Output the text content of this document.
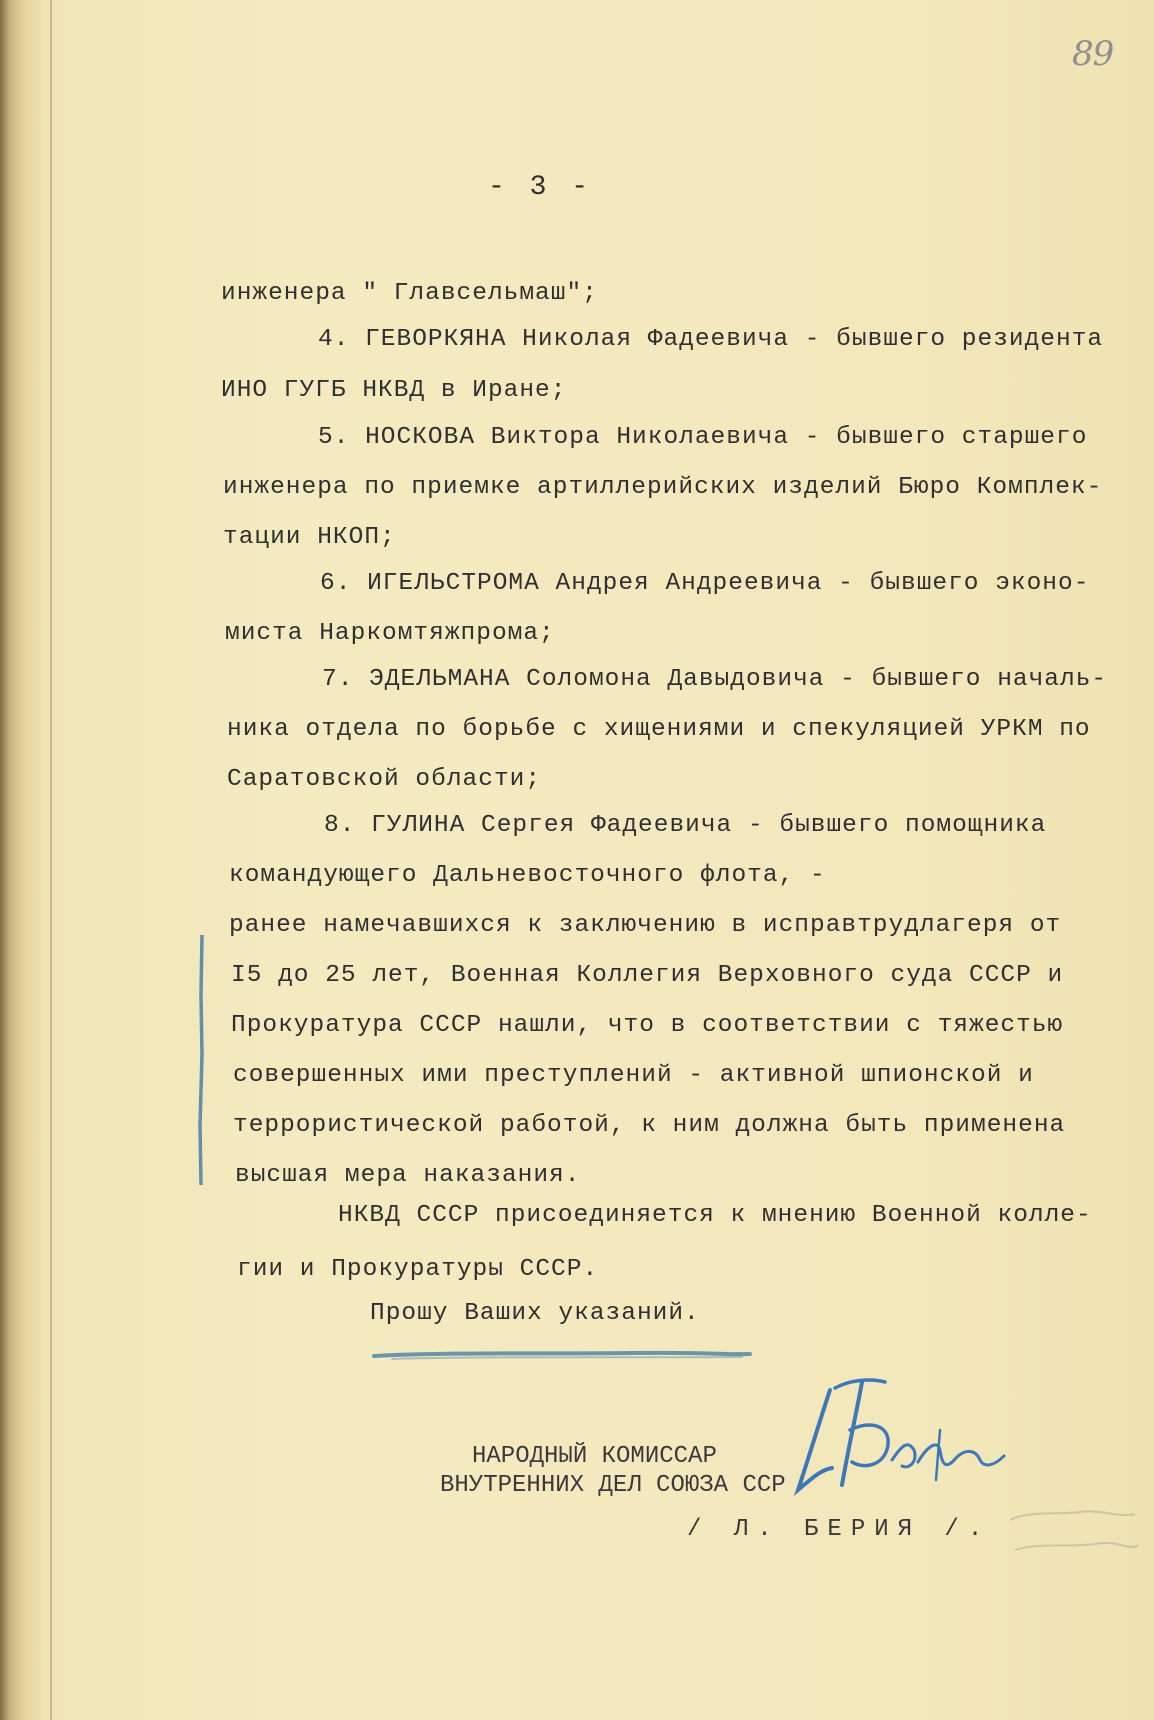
89
- 3 -
инженера " Главсельмаш";
4. ГЕВОРКЯНА Николая Фадеевича - бывшего резидента
ИНО ГУГБ НКВД в Иране;
5. НОСКОВА Виктора Николаевича - бывшего старшего
инженера по приемке артиллерийских изделий Бюро Комплек-
тации НКОП;
6. ИГЕЛЬСТРОМА Андрея Андреевича - бывшего эконо-
миста Наркомтяжпрома;
7. ЭДЕЛЬМАНА Соломона Давыдовича - бывшего началь-
ника отдела по борьбе с хищениями и спекуляцией УРКМ по
Саратовской области;
8. ГУЛИНА Сергея Фадеевича - бывшего помощника
командующего Дальневосточного флота, -
ранее намечавшихся к заключению в исправтрудлагеря от
I5 до 25 лет, Военная Коллегия Верховного суда СССР и
Прокуратура СССР нашли, что в соответствии с тяжестью
совершенных ими преступлений - активной шпионской и
террористической работой, к ним должна быть применена
высшая мера наказания.
НКВД СССР присоединяется к мнению Военной колле-
гии и Прокуратуры СССР.
Прошу Ваших указаний.
НАРОДНЫЙ КОМИССАР
ВНУТРЕННИХ ДЕЛ СОЮЗА ССР
/ Л. БЕРИЯ /.
